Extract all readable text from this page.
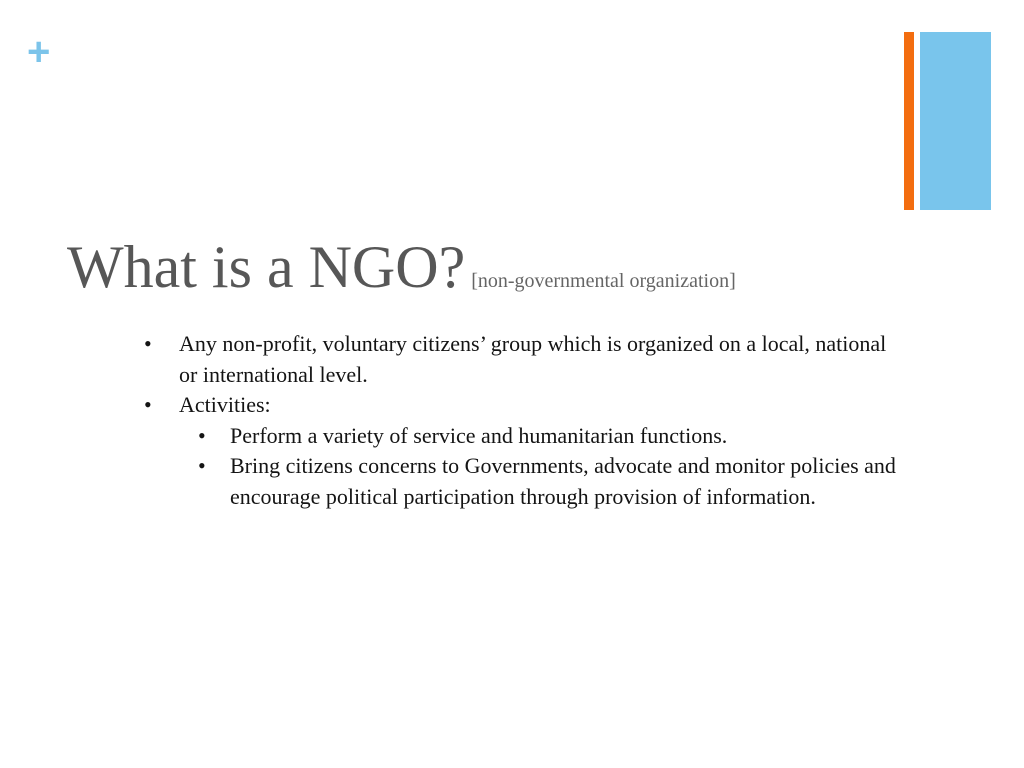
+
What is a NGO? [non-governmental organization]
• Any non-profit, voluntary citizens’ group which is organized on a local, national or international level.
• Activities:
• Perform a variety of service and humanitarian functions.
• Bring citizens concerns to Governments, advocate and monitor policies and encourage political participation through provision of information.
